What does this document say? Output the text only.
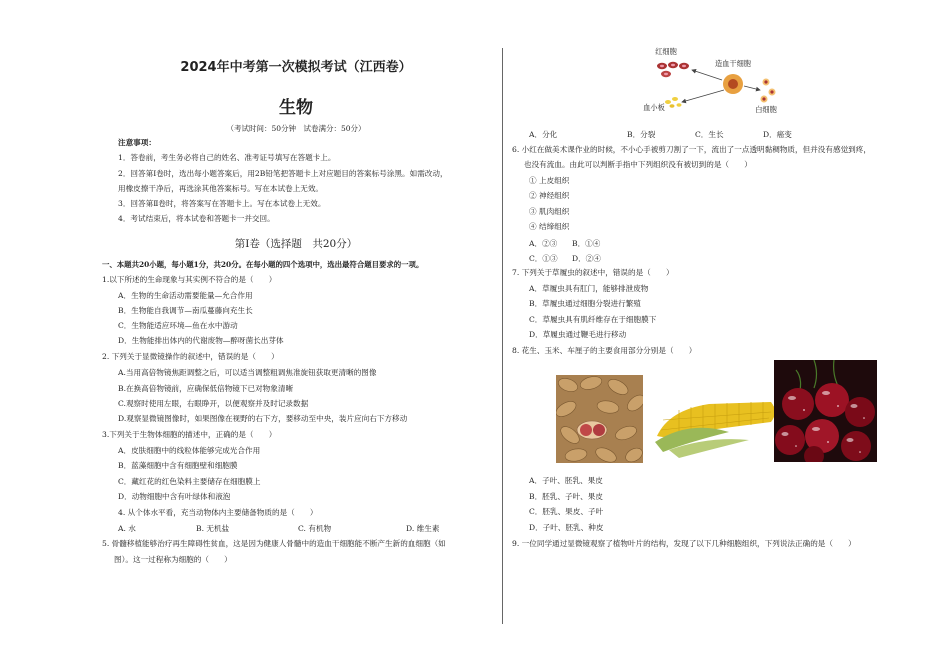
2024年中考第一次模拟考试（江西卷）
生物
（考试时间：50分钟　试卷满分：50分）
注意事项：
1．答卷前，考生务必将自己的姓名、准考证号填写在答题卡上。
2．回答第Ⅰ卷时，选出每小题答案后，用2B铅笔把答题卡上对应题目的答案标号涂黑。如需改动，
用橡皮擦干净后，再选涂其他答案标号。写在本试卷上无效。
3．回答第Ⅱ卷时，将答案写在答题卡上。写在本试卷上无效。
4．考试结束后，将本试卷和答题卡一并交回。
第Ⅰ卷（选择题　共20分）
一、本题共20小题，每小题1分，共20分。在每小题的四个选项中，选出最符合题目要求的一项。
1.以下所述的生命现象与其实例不符合的是（　　）
A．生物的生命活动需要能量—允合作用
B．生物能自我调节—南瓜蔓藤向充生长
C．生物能适应环境—鱼在水中游动
D．生物能排出体内的代谢废物—醉呀菌长出芽体
2. 下列关于显微镜操作的叙述中，错误的是（　　）
A.当用高倍物镜焦距调整之后，可以适当调整粗调焦准旋钮获取更清晰的图像
B.在换高倍物镜前，应确保低倍物镜下已对物象清晰
C.观察时使用左眼，右眼睁开，以便观察并及时记录数据
D.观察显微镜图像时，如果图像在视野的右下方，要移动至中央，装片应向右下方移动
3.下列关于生物体细胞的描述中，正确的是（　　）
A．皮肤细胞中的线粒体能够完成光合作用
B．蓝藻细胞中含有细胞壁和细胞膜
C．藏红花的红色染料主要储存在细胞膜上
D．动物细胞中含有叶绿体和液泡
4. 从个体水平看，充当动物体内主要储备物质的是（　　）
A. 水	B. 无机盐	C. 有机物	D. 维生素
5. 骨髓移植能够治疗再生障碍性贫血，这是因为健康人骨髓中的造血干细胞能不断产生新的血细胞（如
图）。这一过程称为细胞的（　　）
红细胞
造血干细胞
血小板	白细胞
A．分化	B．分裂	C．生长	D．癌变
6. 小红在做美术课作业的时候，不小心手被剪刀割了一下，流出了一点透明黏稠物质，但并没有感觉到疼，
也没有流血。由此可以判断手指中下列组织没有被切到的是（　　）
① 上皮组织
② 神经组织
③ 肌肉组织
④ 结缔组织
A．②③ B．①④
C．①③ D．②④
7. 下列关于草履虫的叙述中，错误的是（　　）
A．草履虫具有肛门，能够排泄废物
B．草履虫通过细胞分裂进行繁殖
C．草履虫具有肌纤维存在于细胞膜下
D．草履虫通过鞭毛进行移动
8. 花生、玉米、车厘子的主要食用部分分别是（　　）
A．子叶、胚乳、果皮
B．胚乳、子叶、果皮
C．胚乳、果皮、子叶
D．子叶、胚乳、种皮
9. 一位同学通过显微镜观察了植物叶片的结构，发现了以下几种细胞组织，下列说法正确的是（　　）
